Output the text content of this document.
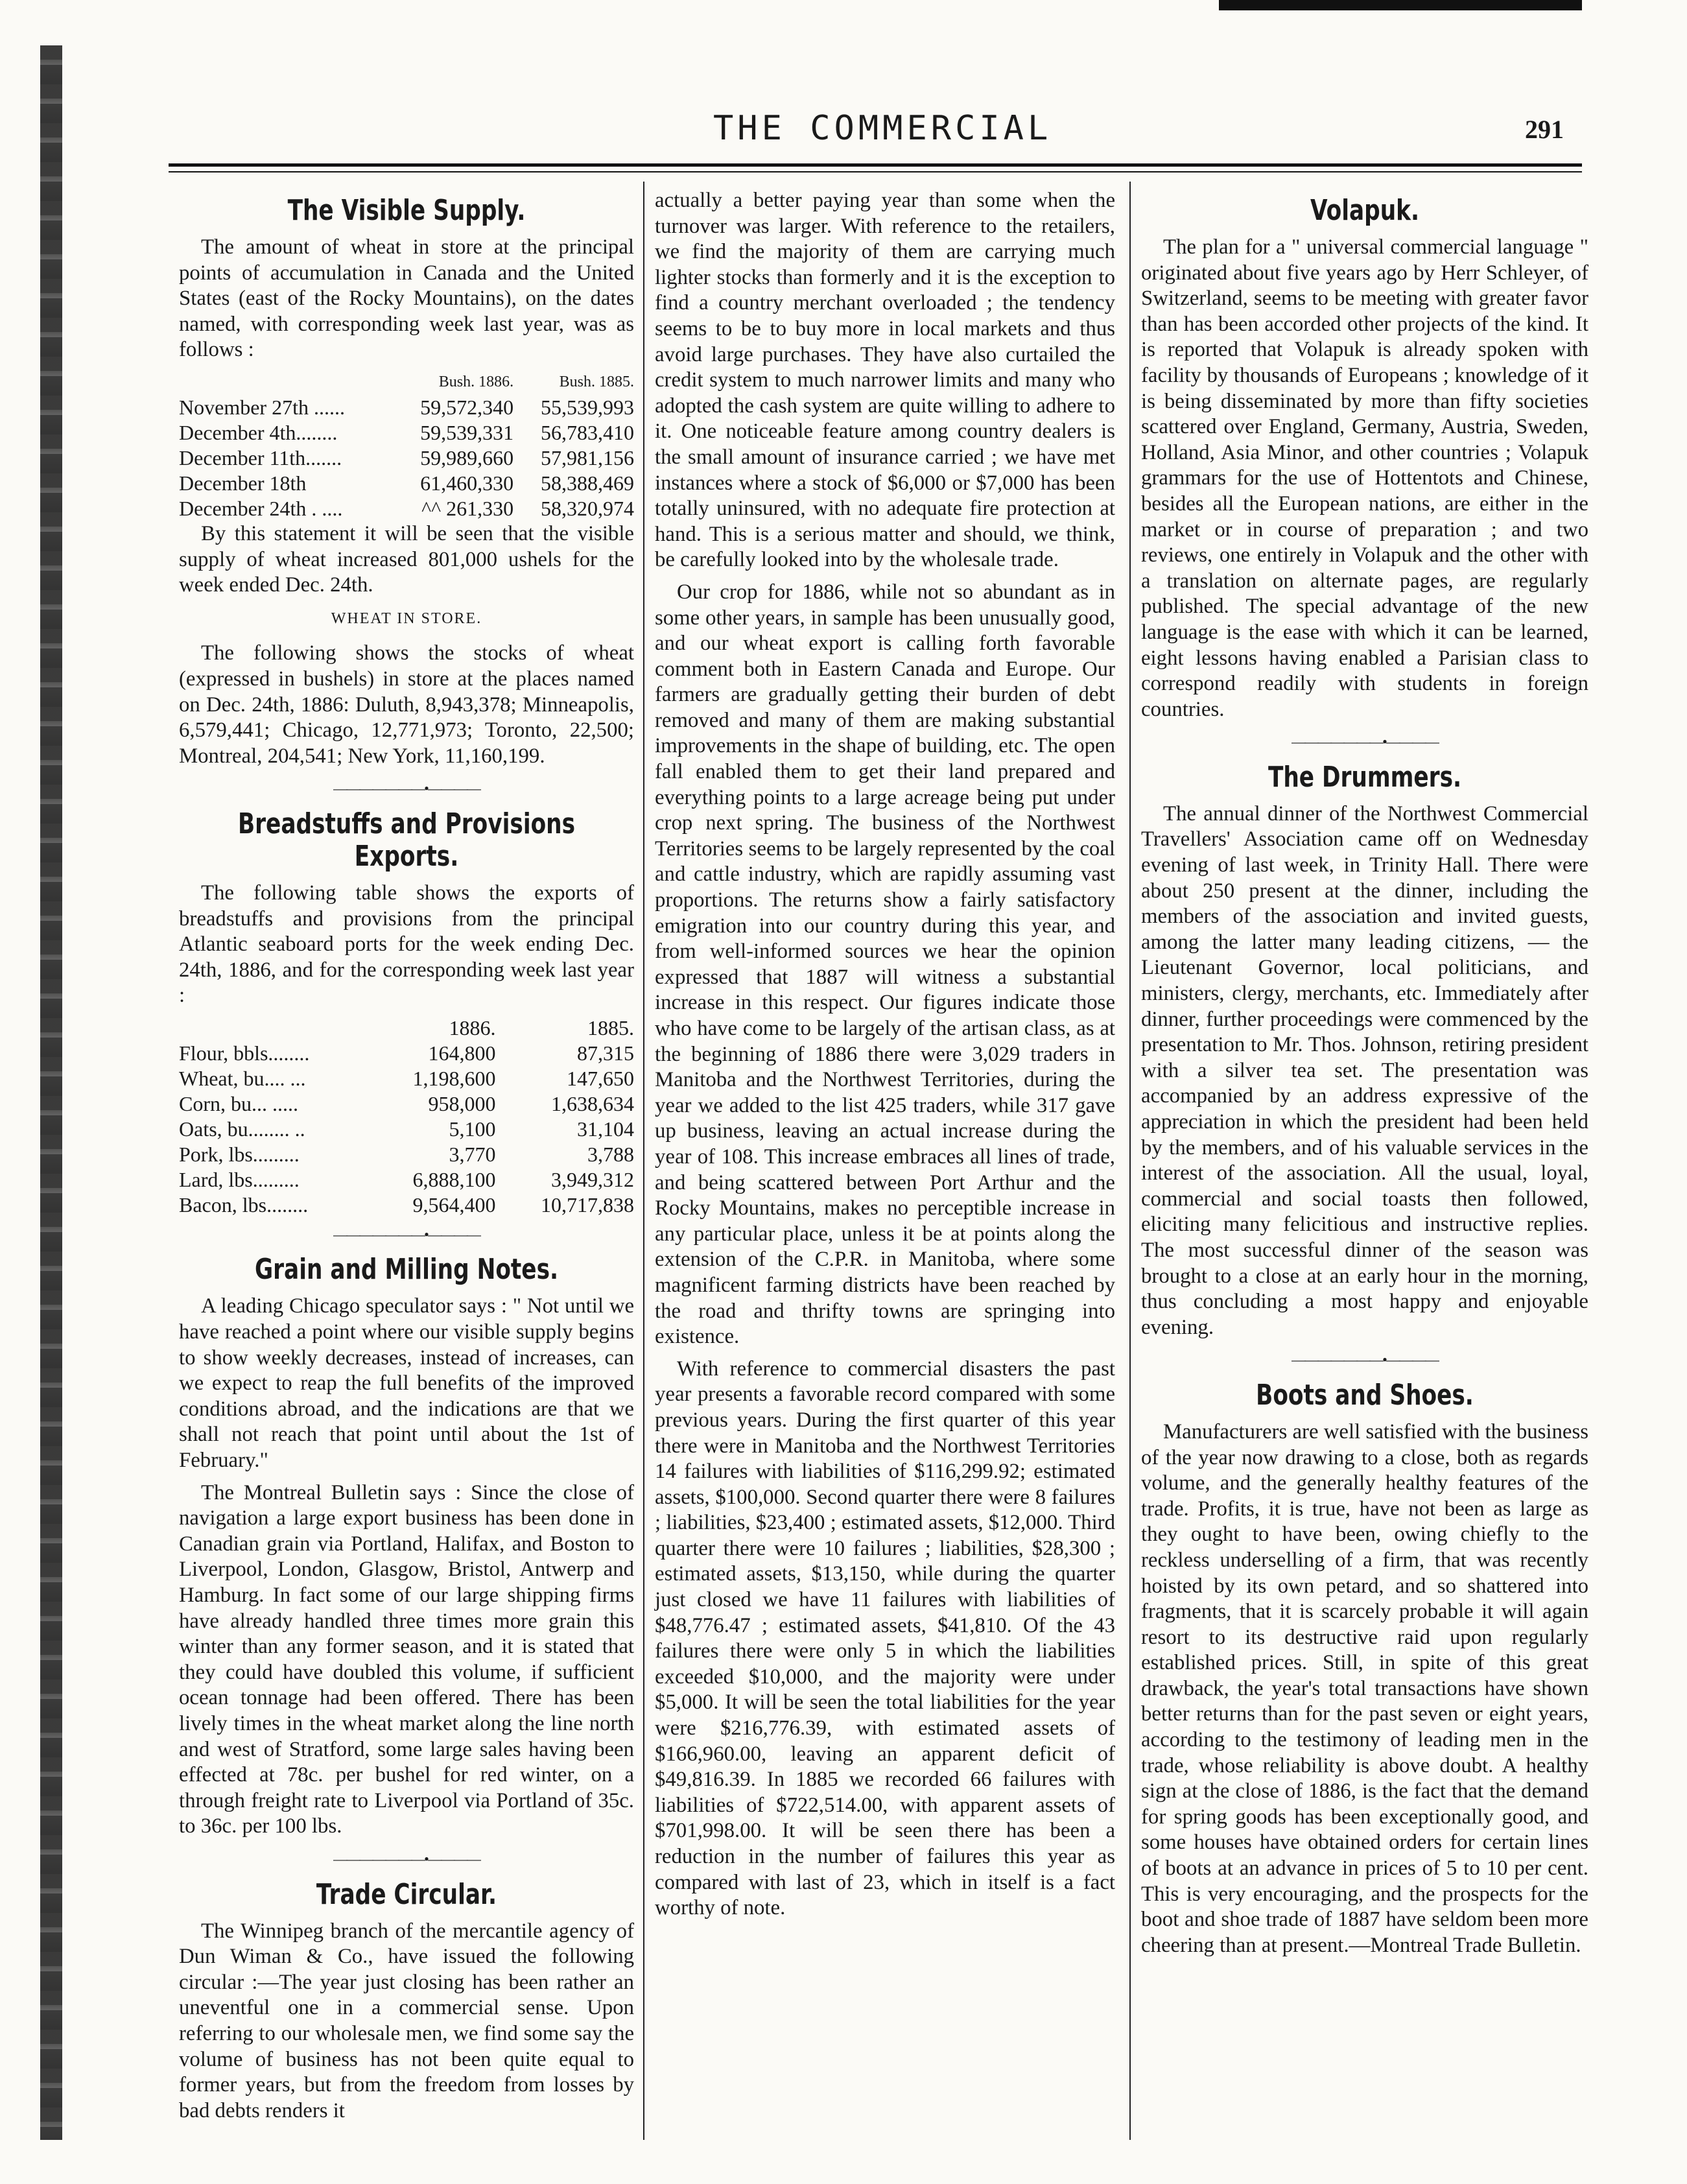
THE COMMERCIAL	291
The Visible Supply.

The amount of wheat in store at the principal points of accumulation in Canada and the United States (east of the Rocky Mountains), on the dates named, with corresponding week last year, was as follows :

	Bush. 1886.	Bush. 1885.
November 27th ......	59,572,340	55,539,993
December 4th........	59,539,331	56,783,410
December 11th.......	59,989,660	57,981,156
December 18th	61,460,330	58,388,469
December 24th . ....	^^ 261,330	58,320,974

By this statement it will be seen that the visible supply of wheat increased 801,000 ushels for the week ended Dec. 24th.

WHEAT IN STORE.

The following shows the stocks of wheat (expressed in bushels) in store at the places named on Dec. 24th, 1886: Duluth, 8,943,378; Minneapolis, 6,579,441; Chicago, 12,771,973; Toronto, 22,500; Montreal, 204,541; New York, 11,160,199.

———————•————
Breadstuffs and Provisions Exports.

The following table shows the exports of breadstuffs and provisions from the principal Atlantic seaboard ports for the week ending Dec. 24th, 1886, and for the corresponding week last year :

	1886.	1885.
Flour, bbls........	164,800	87,315
Wheat, bu.... ...	1,198,600	147,650
Corn, bu... .....	958,000	1,638,634
Oats, bu........ ..	5,100	31,104
Pork, lbs.........	3,770	3,788
Lard, lbs.........	6,888,100	3,949,312
Bacon, lbs........	9,564,400	10,717,838
———————•————
Grain and Milling Notes.

A leading Chicago speculator says : " Not until we have reached a point where our visible supply begins to show weekly decreases, instead of increases, can we expect to reap the full benefits of the improved conditions abroad, and the indications are that we shall not reach that point until about the 1st of February."

The Montreal Bulletin says : Since the close of navigation a large export business has been done in Canadian grain via Portland, Halifax, and Boston to Liverpool, London, Glasgow, Bristol, Antwerp and Hamburg. In fact some of our large shipping firms have already handled three times more grain this winter than any former season, and it is stated that they could have doubled this volume, if sufficient ocean tonnage had been offered. There has been lively times in the wheat market along the line north and west of Stratford, some large sales having been effected at 78c. per bushel for red winter, on a through freight rate to Liverpool via Portland of 35c. to 36c. per 100 lbs.

———————•————
Trade Circular.

The Winnipeg branch of the mercantile agency of Dun Wiman & Co., have issued the following circular :—The year just closing has been rather an uneventful one in a commercial sense. Upon referring to our wholesale men, we find some say the volume of business has not been quite equal to former years, but from the freedom from losses by bad debts renders it

actually a better paying year than some when the turnover was larger. With reference to the retailers, we find the majority of them are carrying much lighter stocks than formerly and it is the exception to find a country merchant overloaded ; the tendency seems to be to buy more in local markets and thus avoid large purchases. They have also curtailed the credit system to much narrower limits and many who adopted the cash system are quite willing to adhere to it. One noticeable feature among country dealers is the small amount of insurance carried ; we have met instances where a stock of $6,000 or $7,000 has been totally uninsured, with no adequate fire protection at hand. This is a serious matter and should, we think, be carefully looked into by the wholesale trade.

Our crop for 1886, while not so abundant as in some other years, in sample has been unusually good, and our wheat export is calling forth favorable comment both in Eastern Canada and Europe. Our farmers are gradually getting their burden of debt removed and many of them are making substantial improvements in the shape of building, etc. The open fall enabled them to get their land prepared and everything points to a large acreage being put under crop next spring. The business of the Northwest Territories seems to be largely represented by the coal and cattle industry, which are rapidly assuming vast proportions. The returns show a fairly satisfactory emigration into our country during this year, and from well-informed sources we hear the opinion expressed that 1887 will witness a substantial increase in this respect. Our figures indicate those who have come to be largely of the artisan class, as at the beginning of 1886 there were 3,029 traders in Manitoba and the Northwest Territories, during the year we added to the list 425 traders, while 317 gave up business, leaving an actual increase during the year of 108. This increase embraces all lines of trade, and being scattered between Port Arthur and the Rocky Mountains, makes no perceptible increase in any particular place, unless it be at points along the extension of the C.P.R. in Manitoba, where some magnificent farming districts have been reached by the road and thrifty towns are springing into existence.

With reference to commercial disasters the past year presents a favorable record compared with some previous years. During the first quarter of this year there were in Manitoba and the Northwest Territories 14 failures with liabilities of $116,299.92; estimated assets, $100,000. Second quarter there were 8 failures ; liabilities, $23,400 ; estimated assets, $12,000. Third quarter there were 10 failures ; liabilities, $28,300 ; estimated assets, $13,150, while during the quarter just closed we have 11 failures with liabilities of $48,776.47 ; estimated assets, $41,810. Of the 43 failures there were only 5 in which the liabilities exceeded $10,000, and the majority were under $5,000. It will be seen the total liabilities for the year were $216,776.39, with estimated assets of $166,960.00, leaving an apparent deficit of $49,816.39. In 1885 we recorded 66 failures with liabilities of $722,514.00, with apparent assets of $701,998.00. It will be seen there has been a reduction in the number of failures this year as compared with last of 23, which in itself is a fact worthy of note.

Volapuk.

The plan for a " universal commercial language " originated about five years ago by Herr Schleyer, of Switzerland, seems to be meeting with greater favor than has been accorded other projects of the kind. It is reported that Volapuk is already spoken with facility by thousands of Europeans ; knowledge of it is being disseminated by more than fifty societies scattered over England, Germany, Austria, Sweden, Holland, Asia Minor, and other countries ; Volapuk grammars for the use of Hottentots and Chinese, besides all the European nations, are either in the market or in course of preparation ; and two reviews, one entirely in Volapuk and the other with a translation on alternate pages, are regularly published. The special advantage of the new language is the ease with which it can be learned, eight lessons having enabled a Parisian class to correspond readily with students in foreign countries.

———————•————
The Drummers.

The annual dinner of the Northwest Commercial Travellers' Association came off on Wednesday evening of last week, in Trinity Hall. There were about 250 present at the dinner, including the members of the association and invited guests, among the latter many leading citizens, — the Lieutenant Governor, local politicians, and ministers, clergy, merchants, etc. Immediately after dinner, further proceedings were commenced by the presentation to Mr. Thos. Johnson, retiring president with a silver tea set. The presentation was accompanied by an address expressive of the appreciation in which the president had been held by the members, and of his valuable services in the interest of the association. All the usual, loyal, commercial and social toasts then followed, eliciting many felicitious and instructive replies. The most successful dinner of the season was brought to a close at an early hour in the morning, thus concluding a most happy and enjoyable evening.

———————•————
Boots and Shoes.

Manufacturers are well satisfied with the business of the year now drawing to a close, both as regards volume, and the generally healthy features of the trade. Profits, it is true, have not been as large as they ought to have been, owing chiefly to the reckless underselling of a firm, that was recently hoisted by its own petard, and so shattered into fragments, that it is scarcely probable it will again resort to its destructive raid upon regularly established prices. Still, in spite of this great drawback, the year's total transactions have shown better returns than for the past seven or eight years, according to the testimony of leading men in the trade, whose reliability is above doubt. A healthy sign at the close of 1886, is the fact that the demand for spring goods has been exceptionally good, and some houses have obtained orders for certain lines of boots at an advance in prices of 5 to 10 per cent. This is very encouraging, and the prospects for the boot and shoe trade of 1887 have seldom been more cheering than at present.—Montreal Trade Bulletin.
